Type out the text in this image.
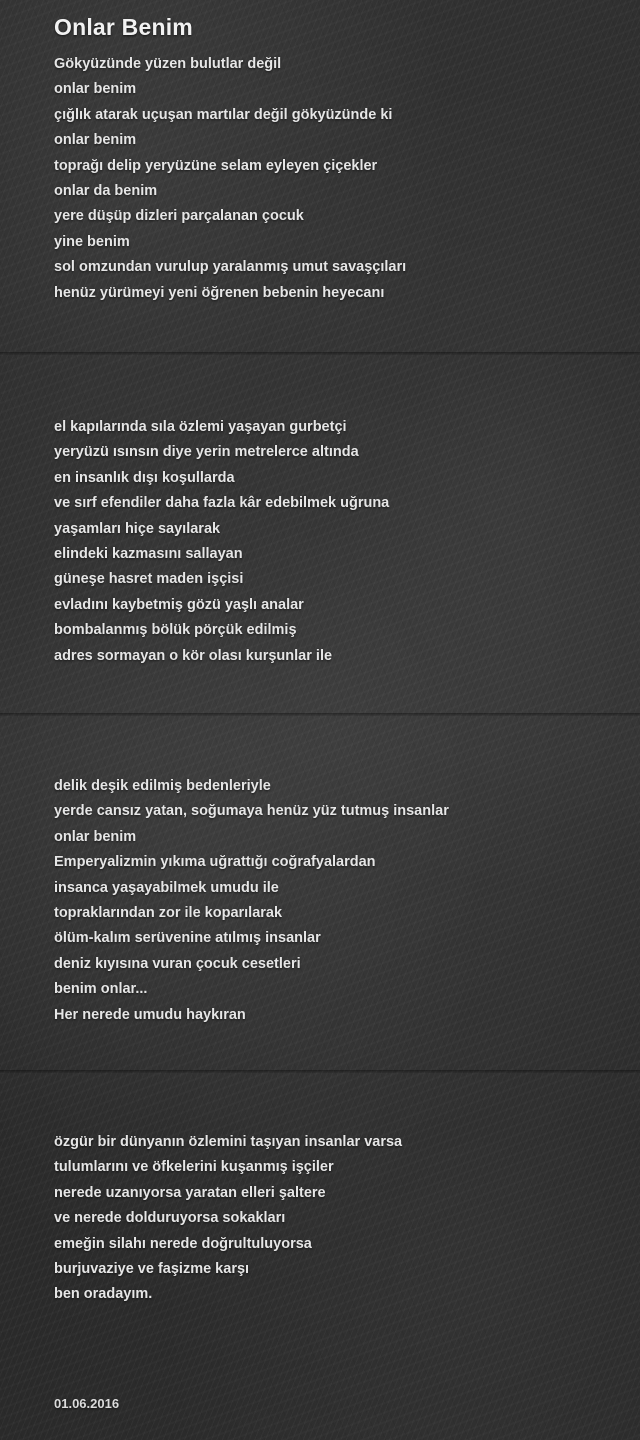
Onlar Benim
Gökyüzünde yüzen bulutlar değil
onlar benim
çığlık atarak uçuşan martılar değil gökyüzünde ki
onlar benim
toprağı delip yeryüzüne selam eyleyen çiçekler
onlar da benim
yere düşüp dizleri parçalanan çocuk
yine benim
sol omzundan vurulup yaralanmış umut savaşçıları
henüz yürümeyi yeni öğrenen bebenin heyecanı
el kapılarında sıla özlemi yaşayan gurbetçi
yeryüzü ısınsın diye yerin metrelerce altında
en insanlık dışı koşullarda
ve sırf efendiler daha fazla kâr edebilmek uğruna
yaşamları hiçe sayılarak
elindeki kazmasını sallayan
güneşe hasret maden işçisi
evladını kaybetmiş gözü yaşlı analar
bombalanmış bölük pörçük edilmiş
adres sormayan o kör olası kurşunlar ile
delik deşik edilmiş bedenleriyle
yerde cansız yatan, soğumaya henüz yüz tutmuş insanlar
onlar benim
Emperyalizmin yıkıma uğrattığı coğrafyalardan
insanca yaşayabilmek umudu ile
topraklarından zor ile koparılarak
ölüm-kalım serüvenine atılmış insanlar
deniz kıyısına vuran çocuk cesetleri
benim onlar...
Her nerede umudu haykıran
özgür bir dünyanın özlemini taşıyan insanlar varsa
tulumlarını ve öfkelerini kuşanmış işçiler
nerede uzanıyorsa yaratan elleri şaltere
ve nerede dolduruyorsa sokakları
emeğin silahı nerede doğrultuluyorsa
burjuvaziye ve faşizme karşı
ben oradayım.
01.06.2016
